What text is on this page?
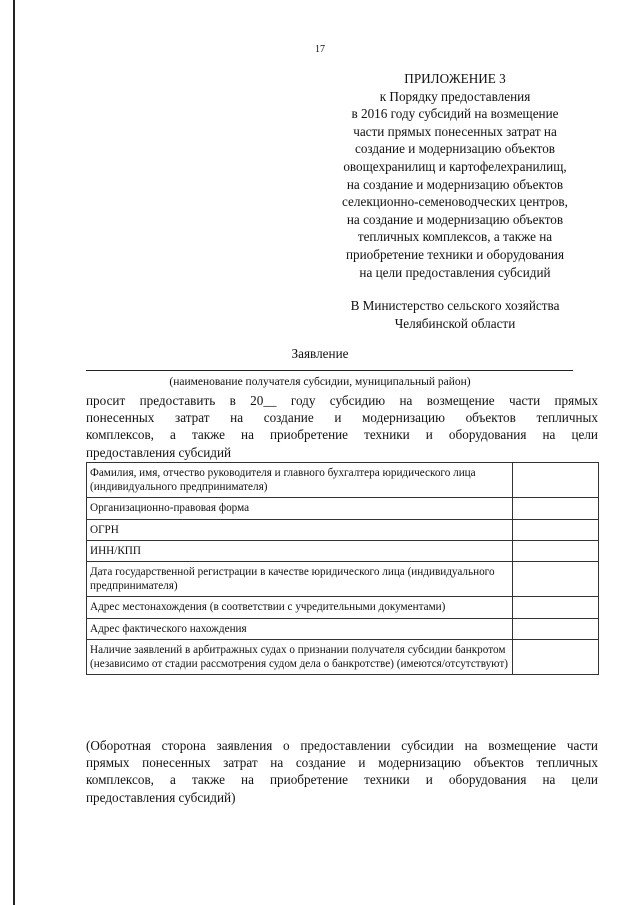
17
ПРИЛОЖЕНИЕ 3
к Порядку предоставления
в 2016 году субсидий на возмещение
части прямых понесенных затрат на
создание и модернизацию объектов
овощехранилищ и картофелехранилищ,
на создание и модернизацию объектов
селекционно-семеноводческих центров,
на создание и модернизацию объектов
тепличных комплексов, а также на
приобретение техники и оборудования
на цели предоставления субсидий
В Министерство сельского хозяйства
Челябинской области
Заявление
(наименование получателя субсидии, муниципальный район)
просит предоставить в 20__ году субсидию на возмещение части прямых
понесенных затрат на создание и модернизацию объектов тепличных
комплексов, а также на приобретение техники и оборудования на цели
предоставления субсидий
Фамилия, имя, отчество руководителя и главного бухгалтера юридического лица (индивидуального предпринимателя)	
Организационно-правовая форма	
ОГРН	
ИНН/КПП	
Дата государственной регистрации в качестве юридического лица (индивидуального предпринимателя)	
Адрес местонахождения (в соответствии с учредительными документами)	
Адрес фактического нахождения	
Наличие заявлений в арбитражных судах о признании получателя субсидии банкротом (независимо от стадии рассмотрения судом дела о банкротстве) (имеются/отсутствуют)	
(Оборотная сторона заявления о предоставлении субсидии на возмещение части
прямых понесенных затрат на создание и модернизацию объектов тепличных
комплексов, а также на приобретение техники и оборудования на цели
предоставления субсидий)
